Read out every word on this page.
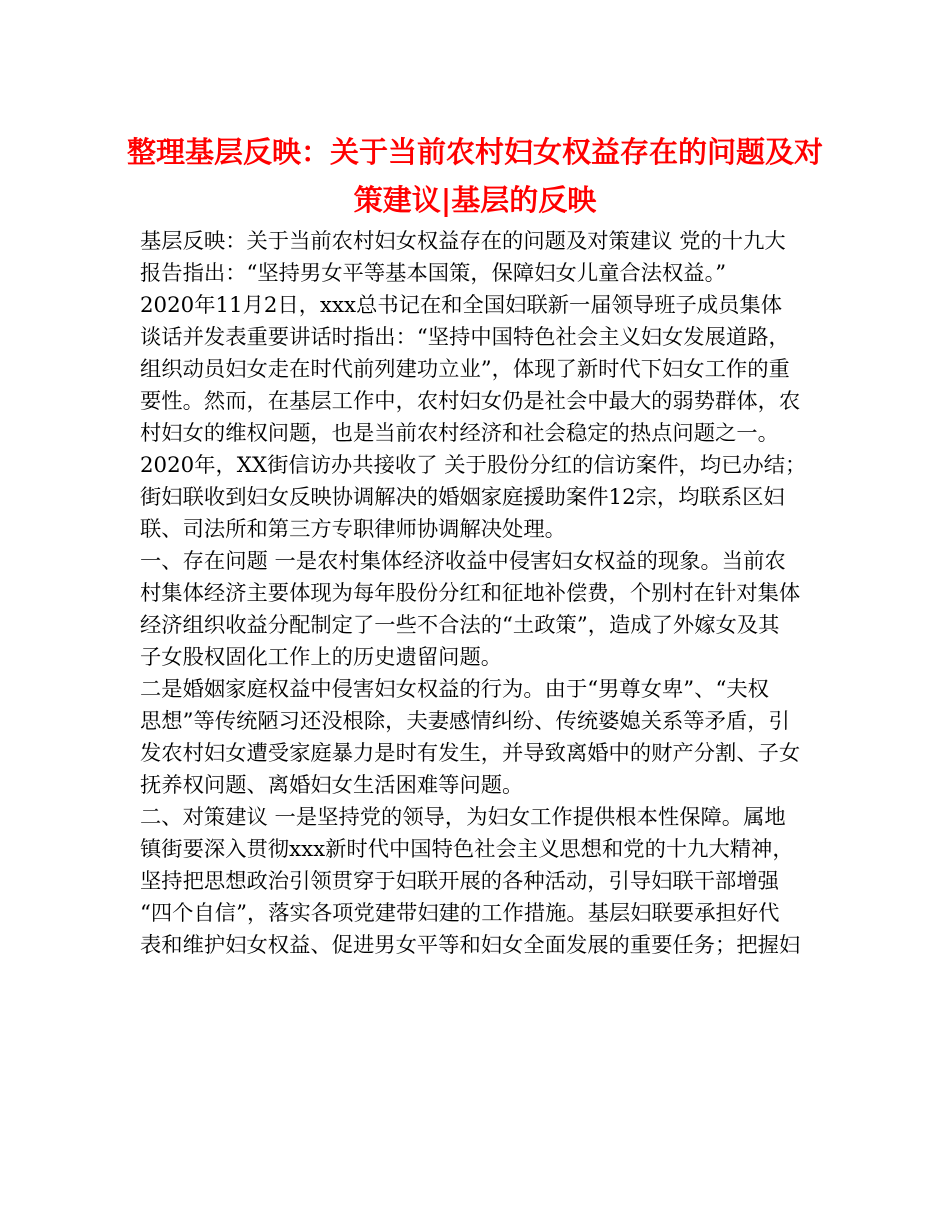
整理基层反映：关于当前农村妇女权益存在的问题及对
策建议|基层的反映
基层反映：关于当前农村妇女权益存在的问题及对策建议 党的十九大
报告指出：“坚持男女平等基本国策，保障妇女儿童合法权益。”
2020年11月2日，xxx总书记在和全国妇联新一届领导班子成员集体
谈话并发表重要讲话时指出：“坚持中国特色社会主义妇女发展道路，
组织动员妇女走在时代前列建功立业”，体现了新时代下妇女工作的重
要性。然而，在基层工作中，农村妇女仍是社会中最大的弱势群体，农
村妇女的维权问题，也是当前农村经济和社会稳定的热点问题之一。
2020年，XX街信访办共接收了 关于股份分红的信访案件，均已办结；
街妇联收到妇女反映协调解决的婚姻家庭援助案件12宗，均联系区妇
联、司法所和第三方专职律师协调解决处理。
一、存在问题 一是农村集体经济收益中侵害妇女权益的现象。当前农
村集体经济主要体现为每年股份分红和征地补偿费，个别村在针对集体
经济组织收益分配制定了一些不合法的“土政策”，造成了外嫁女及其
子女股权固化工作上的历史遗留问题。
二是婚姻家庭权益中侵害妇女权益的行为。由于“男尊女卑”、“夫权
思想”等传统陋习还没根除，夫妻感情纠纷、传统婆媳关系等矛盾，引
发农村妇女遭受家庭暴力是时有发生，并导致离婚中的财产分割、子女
抚养权问题、离婚妇女生活困难等问题。
二、对策建议 一是坚持党的领导，为妇女工作提供根本性保障。属地
镇街要深入贯彻xxx新时代中国特色社会主义思想和党的十九大精神，
坚持把思想政治引领贯穿于妇联开展的各种活动，引导妇联干部增强
“四个自信”，落实各项党建带妇建的工作措施。基层妇联要承担好代
表和维护妇女权益、促进男女平等和妇女全面发展的重要任务；把握妇
